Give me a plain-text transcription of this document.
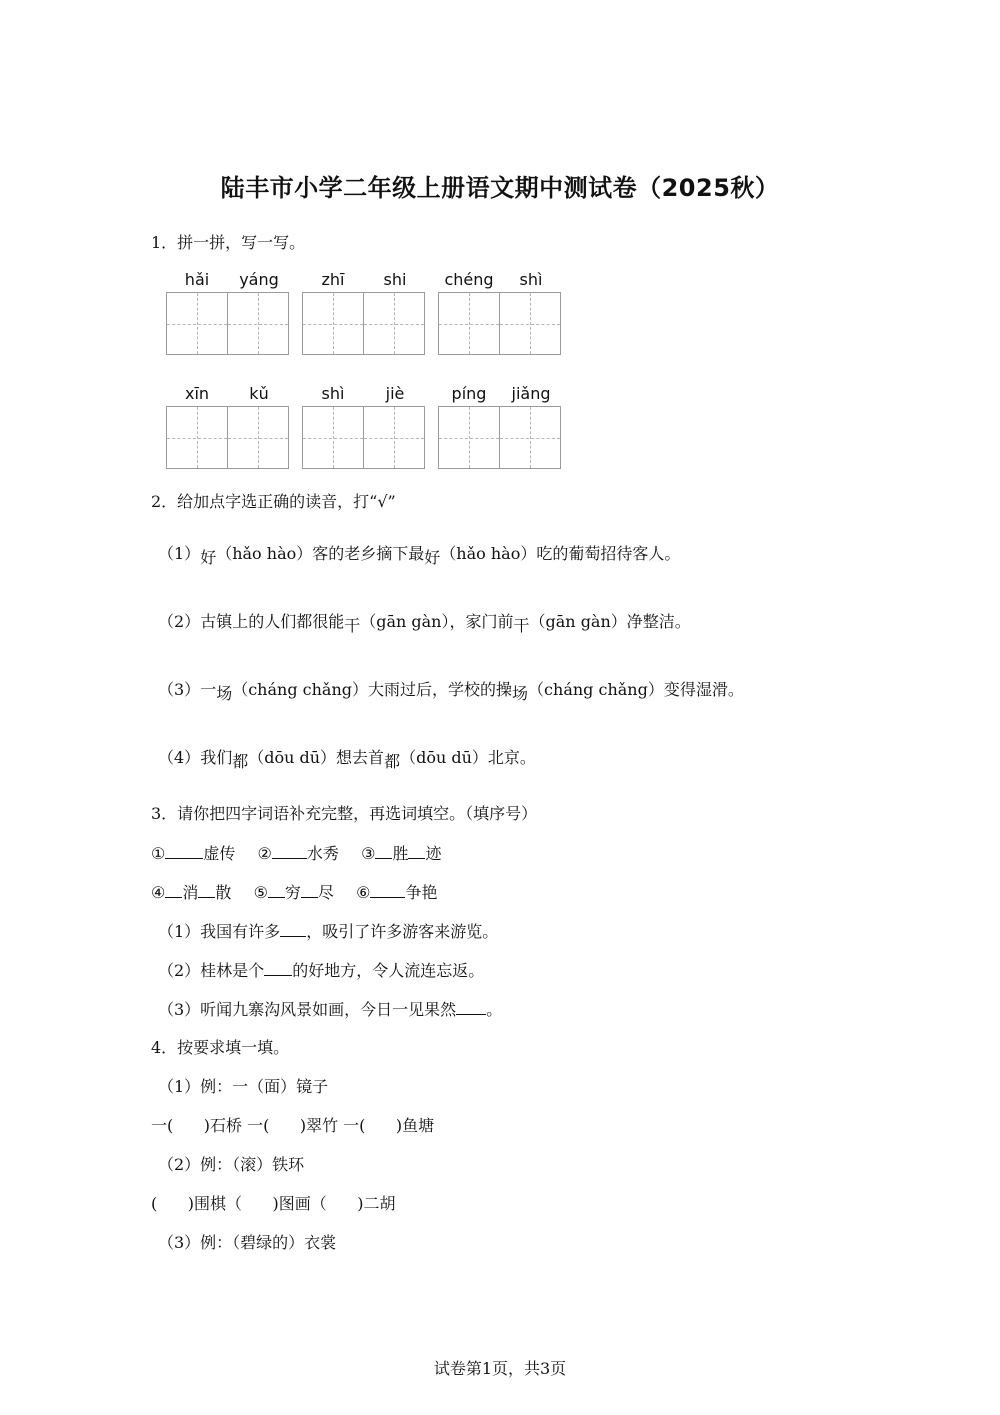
陆丰市小学二年级上册语文期中测试卷（2025秋）
1．拼一拼，写一写。
hǎi	yáng	zhī	shi	chéng	shì
xīn	kǔ	shì	jiè	píng	jiǎng
2．给加点字选正确的读音，打“√”
（1）好（hǎo hào）客的老乡摘下最好（hǎo hào）吃的葡萄招待客人。
（2）古镇上的人们都很能干（gān gàn），家门前干（gān gàn）净整洁。
（3）一场（cháng chǎng）大雨过后，学校的操场（cháng chǎng）变得湿滑。
（4）我们都（dōu dū）想去首都（dōu dū）北京。
3．请你把四字词语补充完整，再选词填空。（填序号）
① 虚传 ② 水秀 ③ 胜 迹
④ 消 散 ⑤ 穷 尽 ⑥ 争艳
（1）我国有许多 ，吸引了许多游客来游览。
（2）桂林是个 的好地方，令人流连忘返。
（3）听闻九寨沟风景如画，今日一见果然 。
4．按要求填一填。
（1）例：一（面）镜子
一(      )石桥 一(      )翠竹 一(      )鱼塘
（2）例：（滚）铁环
(      )围棋（      )图画（      )二胡
（3）例：（碧绿的）衣裳
试卷第1页，共3页
